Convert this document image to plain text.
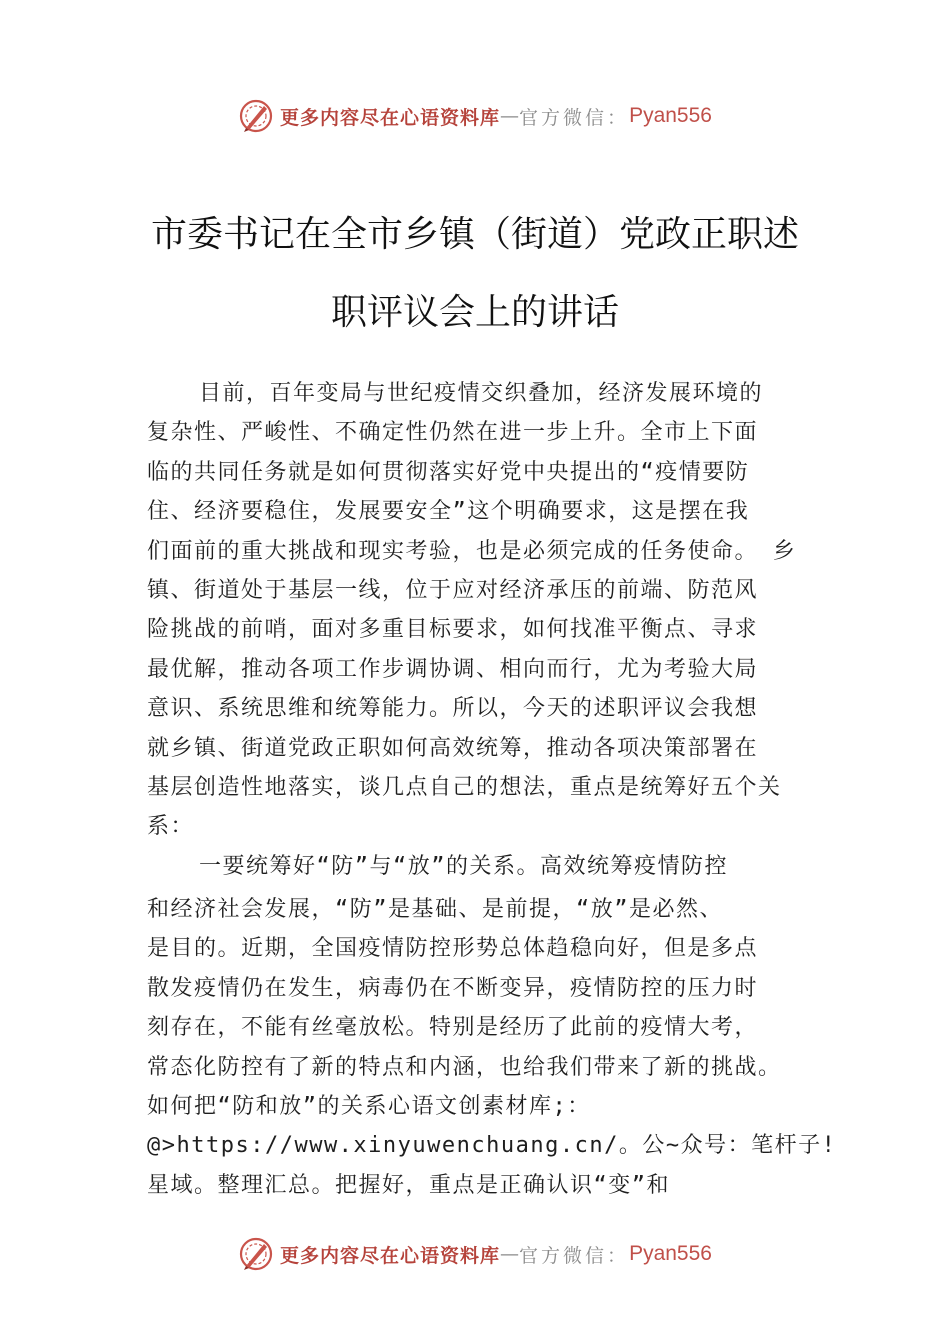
更多内容尽在心语资料库 — 官方微信： Pyan556
市委书记在全市乡镇（街道）党政正职述
职评议会上的讲话
目前，百年变局与世纪疫情交织叠加，经济发展环境的
复杂性、严峻性、不确定性仍然在进一步上升。全市上下面
临的共同任务就是如何贯彻落实好党中央提出的“疫情要防
住、经济要稳住，发展要安全”这个明确要求，这是摆在我
们面前的重大挑战和现实考验，也是必须完成的任务使命。 乡
镇、街道处于基层一线，位于应对经济承压的前端、防范风
险挑战的前哨，面对多重目标要求，如何找准平衡点、寻求
最优解，推动各项工作步调协调、相向而行，尤为考验大局
意识、系统思维和统筹能力。所以，今天的述职评议会我想
就乡镇、街道党政正职如何高效统筹，推动各项决策部署在
基层创造性地落实，谈几点自己的想法，重点是统筹好五个关
系：
一要统筹好“防”与“放”的关系。高效统筹疫情防控
和经济社会发展，“防”是基础、是前提，“放”是必然、
是目的。近期，全国疫情防控形势总体趋稳向好，但是多点
散发疫情仍在发生，病毒仍在不断变异，疫情防控的压力时
刻存在，不能有丝毫放松。特别是经历了此前的疫情大考，
常态化防控有了新的特点和内涵，也给我们带来了新的挑战。
如何把“防和放”的关系心语文创素材库;：
@>https://www.xinyuwenchuang.cn/。公~众号：笔杆子!
星域。整理汇总。把握好，重点是正确认识“变”和
更多内容尽在心语资料库 — 官方微信： Pyan556
